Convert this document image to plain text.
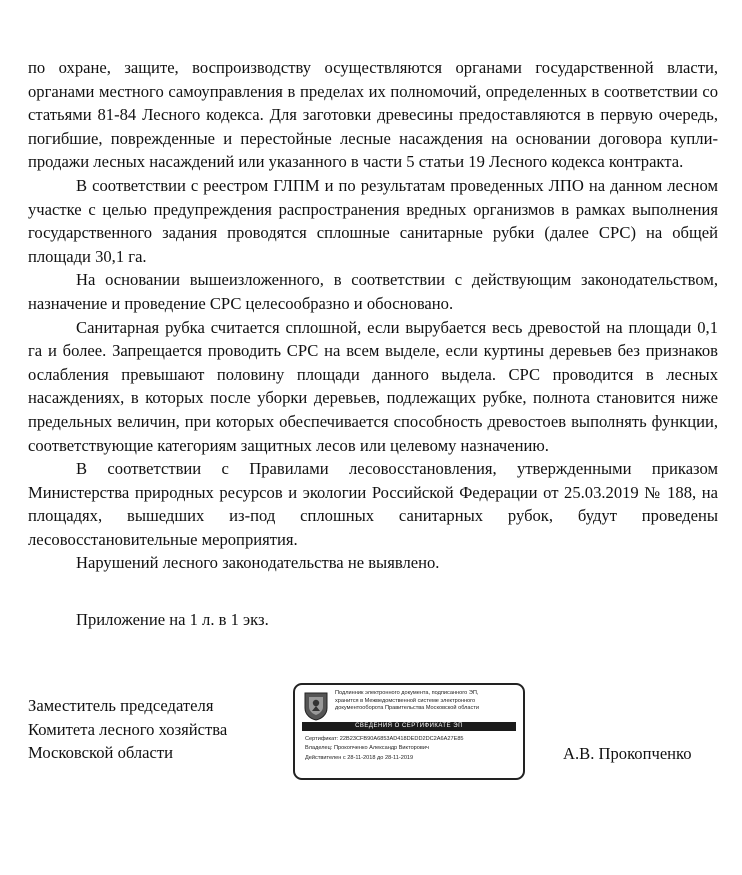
по охране, защите, воспроизводству осуществляются органами государственной власти, органами местного самоуправления в пределах их полномочий, определенных в соответствии со статьями 81-84 Лесного кодекса. Для заготовки древесины предоставляются в первую очередь, погибшие, поврежденные и перестойные лесные насаждения на основании договора купли-продажи лесных насаждений или указанного в части 5 статьи 19 Лесного кодекса контракта.

В соответствии с реестром ГЛПМ и по результатам проведенных ЛПО на данном лесном участке с целью предупреждения распространения вредных организмов в рамках выполнения государственного задания проводятся сплошные санитарные рубки (далее СРС) на общей площади 30,1 га.

На основании вышеизложенного, в соответствии с действующим законодательством, назначение и проведение СРС целесообразно и обосновано.

Санитарная рубка считается сплошной, если вырубается весь древостой на площади 0,1 га и более. Запрещается проводить СРС на всем выделе, если куртины деревьев без признаков ослабления превышают половину площади данного выдела. СРС проводится в лесных насаждениях, в которых после уборки деревьев, подлежащих рубке, полнота становится ниже предельных величин, при которых обеспечивается способность древостоев выполнять функции, соответствующие категориям защитных лесов или целевому назначению.

В соответствии с Правилами лесовосстановления, утвержденными приказом Министерства природных ресурсов и экологии Российской Федерации от 25.03.2019 № 188, на площадях, вышедших из-под сплошных санитарных рубок, будут проведены лесовосстановительные мероприятия.

Нарушений лесного законодательства не выявлено.

Приложение на 1 л. в 1 экз.
Заместитель председателя
Комитета лесного хозяйства
Московской области
Подлинник электронного документа, подписанного ЭП,
хранится в Межведомственной системе электронного
документооборота Правительства Московской области
СВЕДЕНИЯ О СЕРТИФИКАТЕ ЭП
Сертификат: 22B23CFB90A6853AD418DEDD2DC2A6A27E85
Владелец: Прокопченко Александр Викторович
Действителен с 28-11-2018 до 28-11-2019	А.В. Прокопченко
